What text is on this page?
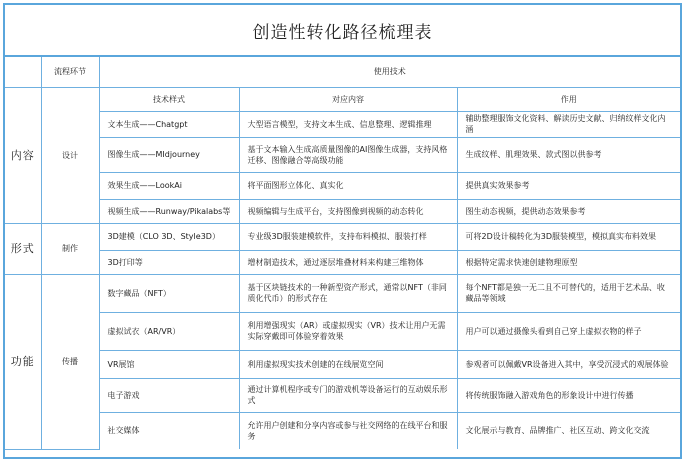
创造性转化路径梳理表
	流程环节	使用技术		
内容	设计	技术样式	对应内容	作用
		文本生成——Chatgpt	大型语言模型，支持文本生成、信息整理、逻辑推理	辅助整理服饰文化资料、解读历史文献、归纳纹样文化内涵
		图像生成——MIdjourney	基于文本输入生成高质量图像的AI图像生成器，支持风格迁移、图像融合等高级功能	生成纹样、肌理效果、款式图以供参考
		效果生成——LookAi	将平面图形立体化、真实化	提供真实效果参考
		视频生成——Runway/Pikalabs等	视频编辑与生成平台，支持图像到视频的动态转化	图生动态视频，提供动态效果参考
形式	制作	3D建模（CLO 3D、Style3D）	专业级3D服装建模软件，支持布料模拟、服装打样	可将2D设计稿转化为3D服装模型，模拟真实布料效果
		3D打印等	增材制造技术，通过逐层堆叠材料来构建三维物体	根据特定需求快速创建物理原型
功能	传播	数字藏品（NFT）	基于区块链技术的一种新型资产形式，通常以NFT（非同质化代币）的形式存在	每个NFT都是独一无二且不可替代的，适用于艺术品、收藏品等领域
		虚拟试衣（AR/VR）	利用增强现实（AR）或虚拟现实（VR）技术让用户无需实际穿戴即可体验穿着效果	用户可以通过摄像头看到自己穿上虚拟衣物的样子
		VR展馆	利用虚拟现实技术创建的在线展览空间	参观者可以佩戴VR设备进入其中，享受沉浸式的观展体验
		电子游戏	通过计算机程序或专门的游戏机等设备运行的互动娱乐形式	将传统服饰融入游戏角色的形象设计中进行传播
		社交媒体	允许用户创建和分享内容或参与社交网络的在线平台和服务	文化展示与教育、品牌推广、社区互动、跨文化交流
